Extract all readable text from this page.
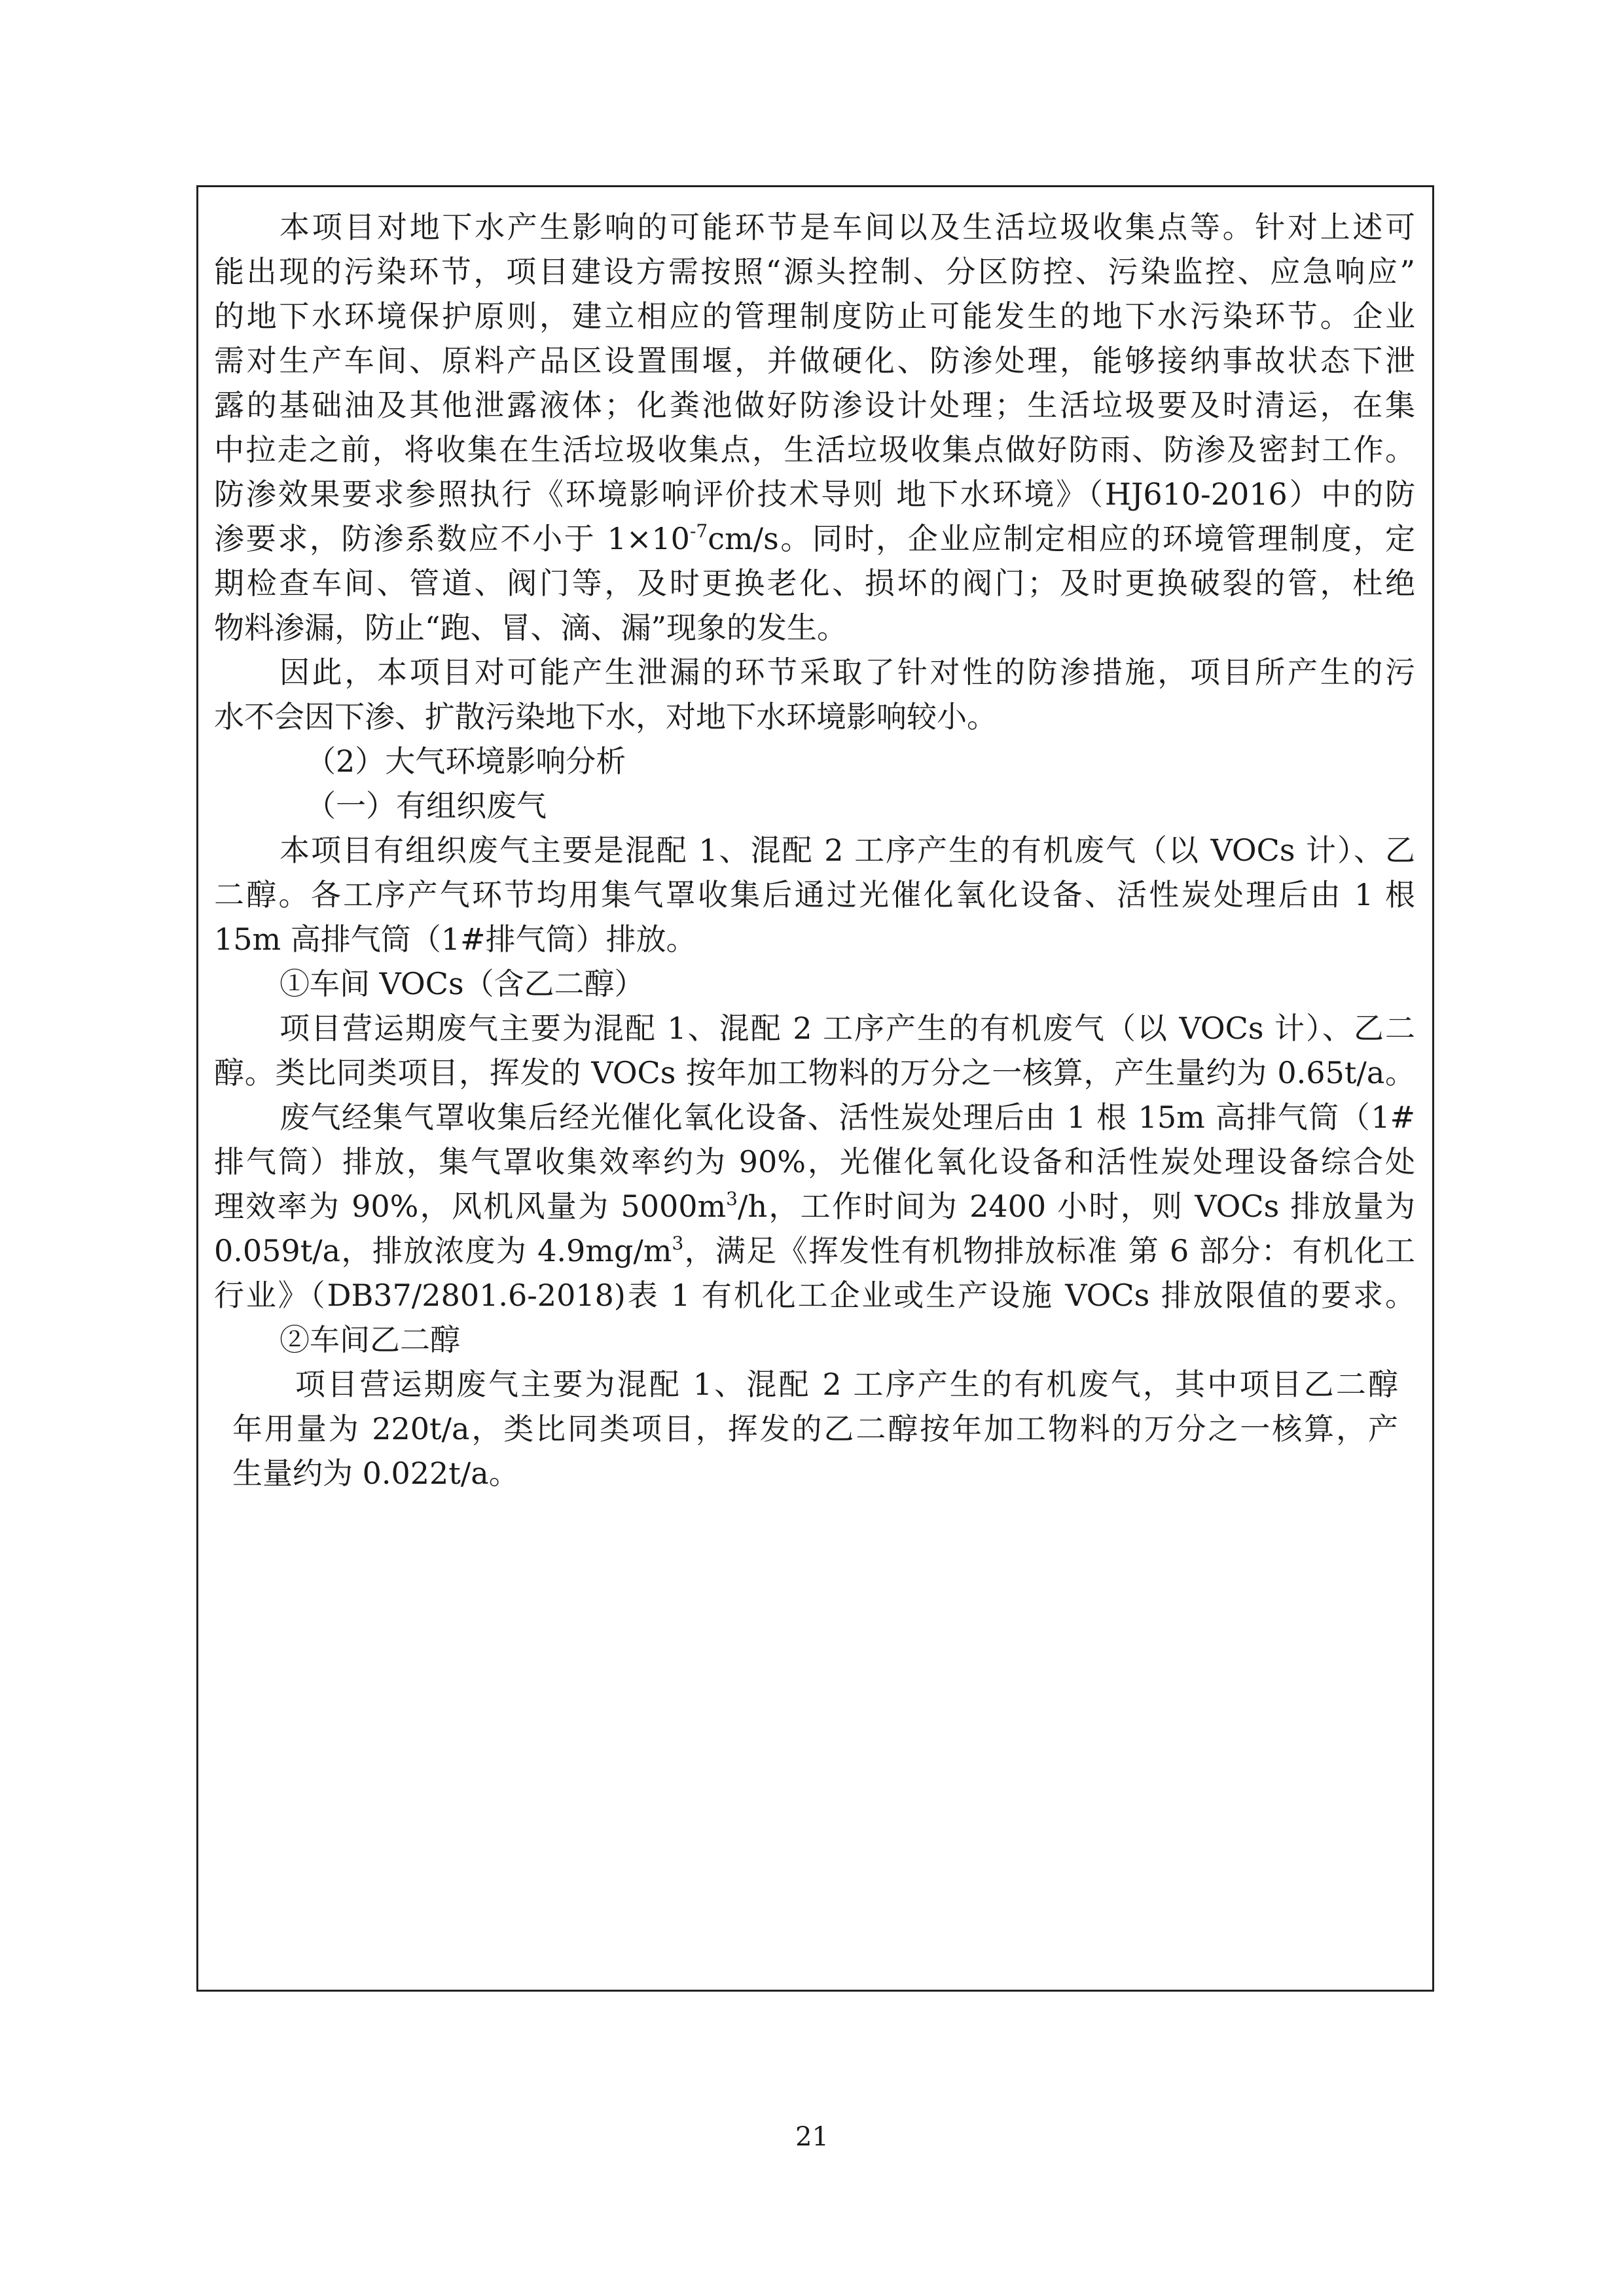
本项目对地下水产生影响的可能环节是车间以及生活垃圾收集点等。针对上述可
能出现的污染环节，项目建设方需按照“源头控制、分区防控、污染监控、应急响应”
的地下水环境保护原则，建立相应的管理制度防止可能发生的地下水污染环节。企业
需对生产车间、原料产品区设置围堰，并做硬化、防渗处理，能够接纳事故状态下泄
露的基础油及其他泄露液体；化粪池做好防渗设计处理；生活垃圾要及时清运，在集
中拉走之前，将收集在生活垃圾收集点，生活垃圾收集点做好防雨、防渗及密封工作。
防渗效果要求参照执行《环境影响评价技术导则 地下水环境》（HJ610-2016）中的防
渗要求，防渗系数应不小于 $1\times 10^{-7}cm/s$。同时，企业应制定相应的环境管理制度，定
期检查车间、管道、阀门等，及时更换老化、损坏的阀门；及时更换破裂的管，杜绝
物料渗漏，防止“跑、冒、滴、漏”现象的发生。
因此，本项目对可能产生泄漏的环节采取了针对性的防渗措施，项目所产生的污
水不会因下渗、扩散污染地下水，对地下水环境影响较小。
（2）大气环境影响分析
（一）有组织废气
本项目有组织废气主要是混配 1、混配 2 工序产生的有机废气（以 VOCs 计）、乙
二醇。各工序产气环节均用集气罩收集后通过光催化氧化设备、活性炭处理后由 1 根
15m 高排气筒（1#排气筒）排放。
①车间 VOCs（含乙二醇）
项目营运期废气主要为混配 1、混配 2 工序产生的有机废气（以 VOCs 计）、乙二
醇。类比同类项目，挥发的 VOCs 按年加工物料的万分之一核算，产生量约为 0.65t/a。
废气经集气罩收集后经光催化氧化设备、活性炭处理后由 1 根 15m 高排气筒（1#
排气筒）排放，集气罩收集效率约为 90%，光催化氧化设备和活性炭处理设备综合处
理效率为 90%，风机风量为 $5000m^3/h$，工作时间为 2400 小时，则 VOCs 排放量为
0.059t/a，排放浓度为 $4.9mg/m^3$，满足《挥发性有机物排放标准 第 6 部分：有机化工
行业》（DB37/2801.6-2018)表 1 有机化工企业或生产设施 VOCs 排放限值的要求。
②车间乙二醇
项目营运期废气主要为混配 1、混配 2 工序产生的有机废气，其中项目乙二醇
年用量为 220t/a，类比同类项目，挥发的乙二醇按年加工物料的万分之一核算，产
生量约为 0.022t/a。
21
